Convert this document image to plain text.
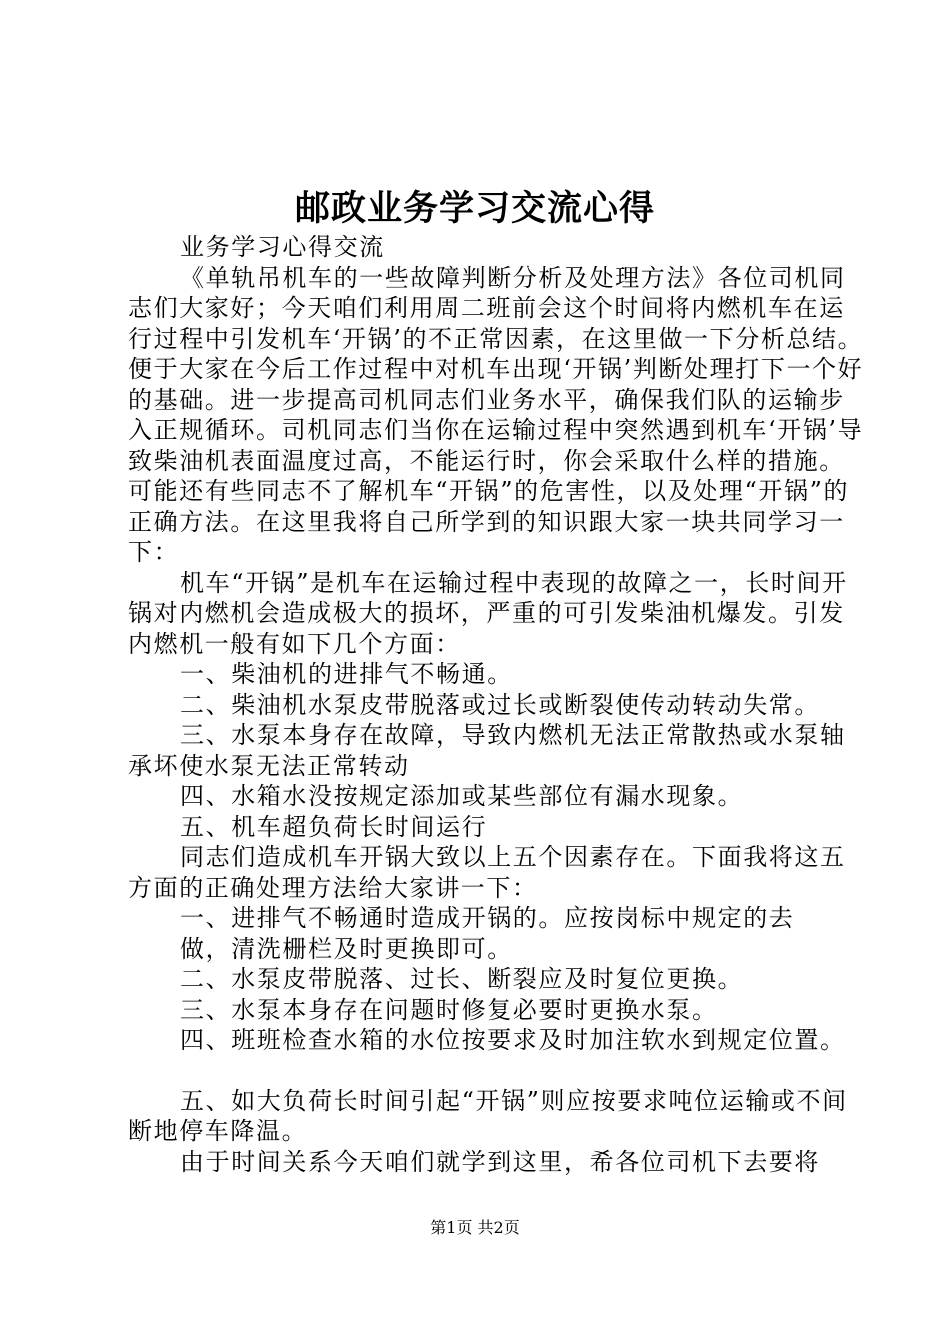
邮政业务学习交流心得

业务学习心得交流

《单轨吊机车的一些故障判断分析及处理方法》各位司机同志们大家好；今天咱们利用周二班前会这个时间将内燃机车在运行过程中引发机车‘开锅’的不正常因素，在这里做一下分析总结。便于大家在今后工作过程中对机车出现‘开锅’判断处理打下一个好的基础。进一步提高司机同志们业务水平，确保我们队的运输步入正规循环。司机同志们当你在运输过程中突然遇到机车‘开锅’导致柴油机表面温度过高，不能运行时，你会采取什么样的措施。可能还有些同志不了解机车“开锅”的危害性，以及处理“开锅”的正确方法。在这里我将自己所学到的知识跟大家一块共同学习一下：

机车“开锅”是机车在运输过程中表现的故障之一，长时间开锅对内燃机会造成极大的损坏，严重的可引发柴油机爆发。引发内燃机一般有如下几个方面：

一、柴油机的进排气不畅通。

二、柴油机水泵皮带脱落或过长或断裂使传动转动失常。

三、水泵本身存在故障，导致内燃机无法正常散热或水泵轴承坏使水泵无法正常转动

四、水箱水没按规定添加或某些部位有漏水现象。

五、机车超负荷长时间运行

同志们造成机车开锅大致以上五个因素存在。下面我将这五方面的正确处理方法给大家讲一下：

一、进排气不畅通时造成开锅的。应按岗标中规定的去

做，清洗栅栏及时更换即可。

二、水泵皮带脱落、过长、断裂应及时复位更换。

三、水泵本身存在问题时修复必要时更换水泵。

四、班班检查水箱的水位按要求及时加注软水到规定位置。

五、如大负荷长时间引起“开锅”则应按要求吨位运输或不间断地停车降温。

由于时间关系今天咱们就学到这里，希各位司机下去要将

第1页 共2页
